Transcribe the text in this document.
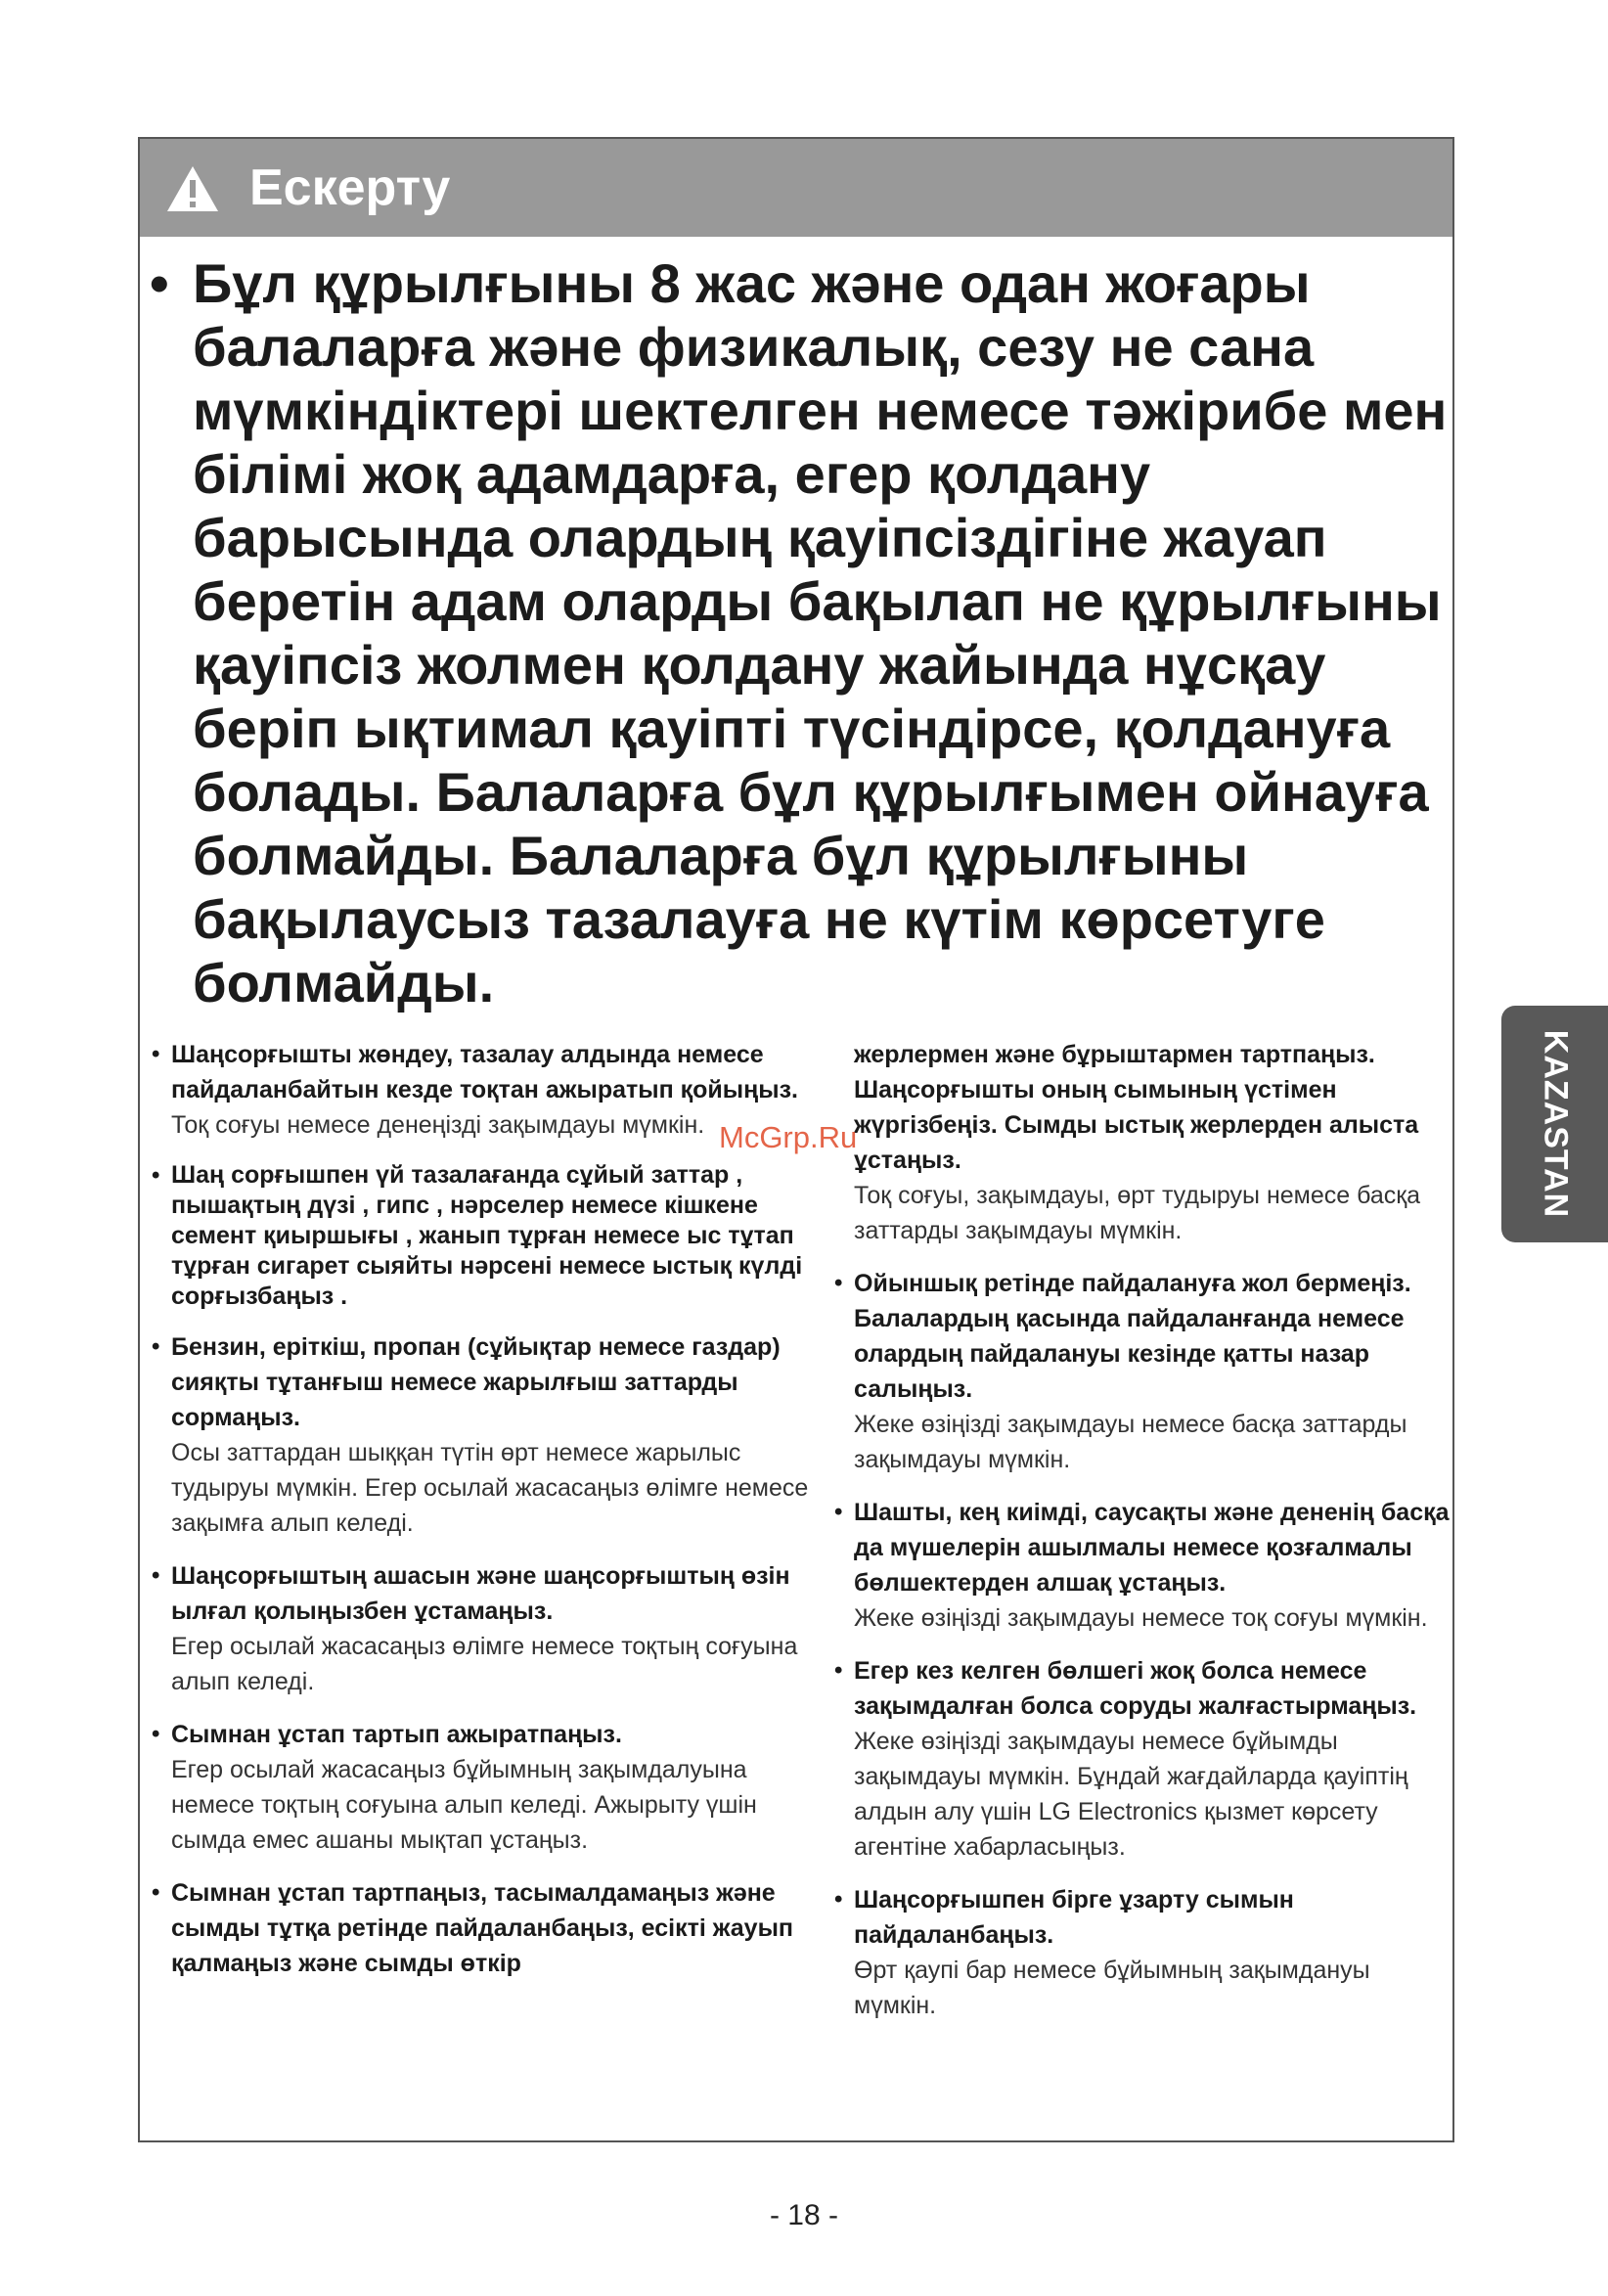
Ескерту
• Бұл құрылғыны 8 жас және одан жоғары балаларға және физикалық, сезу не сана мүмкіндіктері шектелген немесе тәжірибе мен білімі жоқ адамдарға, егер қолдану барысында олардың қауіпсіздігіне жауап беретін адам оларды бақылап не құрылғыны қауіпсіз жолмен қолдану жайында нұсқау беріп ықтимал қауіпті түсіндірсе, қолдануға болады. Балаларға бұл құрылғымен ойнауға болмайды. Балаларға бұл құрылғыны бақылаусыз тазалауға не күтім көрсетуге болмайды.
• Шаңсорғышты жөндеу, тазалау алдында немесе пайдаланбайтын кезде тоқтан ажыратып қойыңыз.
Тоқ соғуы немесе денеңізді зақымдауы мүмкін.
• Шаң сорғышпен үй тазалағанда сұйый заттар , пышақтың дүзі , гипс , нәрселер немесе кішкене семент қиыршығы , жанып тұрған немесе ыс тұтап тұрған сигарет сыяйты нәрсені немесе ыстық күлді сорғызбаңыз .
• Бензин, еріткіш, пропан (сұйықтар немесе газдар) сияқты тұтанғыш немесе жарылғыш заттарды сормаңыз.
Осы заттардан шыққан түтін өрт немесе жарылыс тудыруы мүмкін. Егер осылай жасасаңыз өлімге немесе зақымға алып келеді.
• Шаңсорғыштың ашасын және шаңсорғыштың өзін ылғал қолыңызбен ұстамаңыз.
Егер осылай жасасаңыз өлімге немесе тоқтың соғуына алып келеді.
• Сымнан ұстап тартып ажыратпаңыз.
Егер осылай жасасаңыз бұйымның зақымдалуына немесе тоқтың соғуына алып келеді. Ажырыту үшін сымда емес ашаны мықтап ұстаңыз.
• Сымнан ұстап тартпаңыз, тасымалдамаңыз және сымды тұтқа ретінде пайдаланбаңыз, есікті жауып қалмаңыз және сымды өткір
жерлермен және бұрыштармен тартпаңыз. Шаңсорғышты оның сымының үстімен жүргізбеңіз. Сымды ыстық жерлерден алыста ұстаңыз.
Тоқ соғуы, зақымдауы, өрт тудыруы немесе басқа заттарды зақымдауы мүмкін.
• Ойыншық ретінде пайдалануға жол бермеңіз. Балалардың қасында пайдаланғанда немесе олардың пайдалануы кезінде қатты назар салыңыз.
Жеке өзіңізді зақымдауы немесе басқа заттарды зақымдауы мүмкін.
• Шашты, кең киімді, саусақты және дененің басқа да мүшелерін ашылмалы немесе қозғалмалы бөлшектерден алшақ ұстаңыз.
Жеке өзіңізді зақымдауы немесе тоқ соғуы мүмкін.
• Егер кез келген бөлшегі жоқ болса немесе зақымдалған болса соруды жалғастырмаңыз.
Жеке өзіңізді зақымдауы немесе бұйымды зақымдауы мүмкін. Бұндай жағдайларда қауіптің алдын алу үшін LG Electronics қызмет көрсету агентіне хабарласыңыз.
• Шаңсорғышпен бірге ұзарту сымын пайдаланбаңыз.
Өрт қаупі бар немесе бұйымның зақымдануы мүмкін.
McGrp.Ru	KAZASTAN
- 18 -
